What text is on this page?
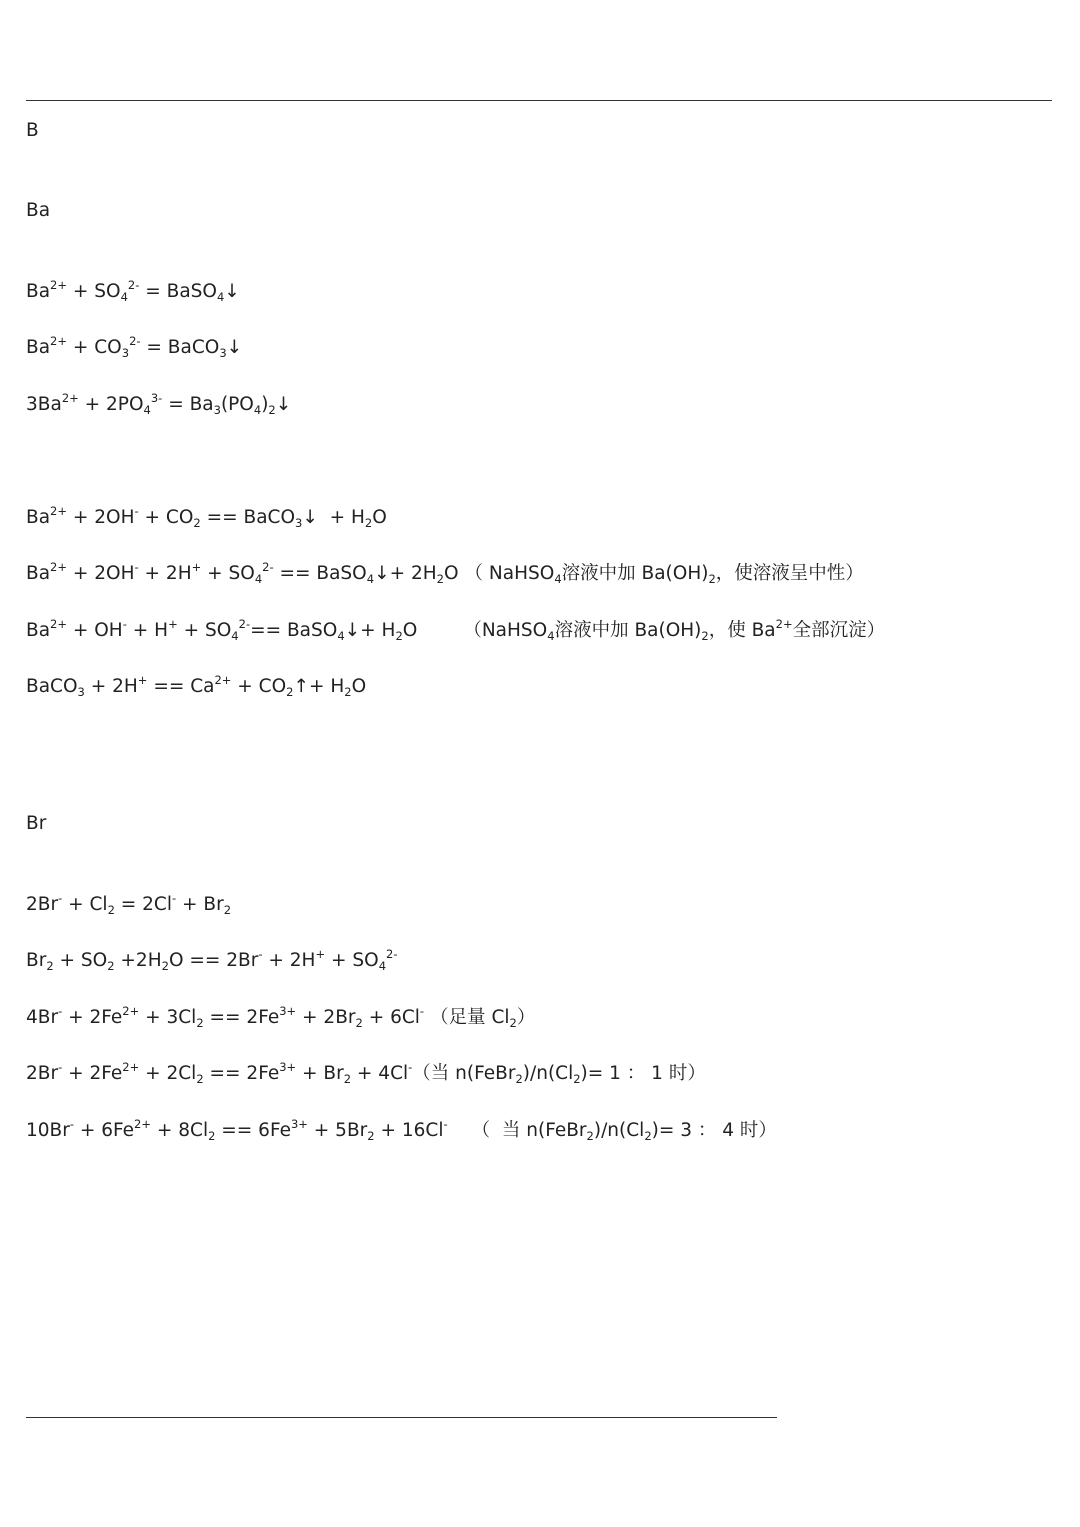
B
Ba
$Ba^{2+} + SO_4^{2-}$ = BaSO$_4$↓
$Ba^{2+} + CO_3^{2-}$ = BaCO$_3$↓
$3Ba^{2+} + 2PO_4^{3-}$ = $Ba_3(PO_4)_2↓$
$Ba^{2+} + 2OH^- + CO_2$ == BaCO$_3$↓  + $H_2O$
$Ba^{2+} + 2OH^- + 2H^+ + SO_4^{2-}$ == BaSO$_4$↓+ $2H_2O$ （ NaHSO$_4$溶液中加 $Ba(OH)_2$，使溶液呈中性）
$Ba^{2+} + OH^- + H^+ + SO_4^{2-}==$ BaSO$_4$↓+ $H_2O$ （NaHSO$_4$溶液中加 $Ba(OH)_2$，使 $Ba^{2+}$全部沉淀）
BaCO$_3$ + $2H^+ == Ca^{2+}$ + $CO_2↑+ H_2O$
Br
$2Br^- + Cl_2 = 2Cl^- + Br_2$
$Br_2 + SO_2 +2H_2O == 2Br^- + 2H^+ + SO_4^{2-}$
$4Br^- + 2Fe^{2+} + 3Cl_2 == 2Fe^{3+} + 2Br_2 + 6Cl^-$ （足量 $Cl_2$）
$2Br^- + 2Fe^{2+} + 2Cl_2 == 2Fe^{3+} + Br_2 + 4Cl^-$（当 $n(FeBr_2)/n(Cl_2)= 1$ ： 1 时）
$10Br^- + 6Fe^{2+} + 8Cl_2 == 6Fe^{3+} + 5Br_2 + 16Cl^-$ （  当 $n(FeBr_2)/n(Cl_2)= 3$ ： 4 时）
